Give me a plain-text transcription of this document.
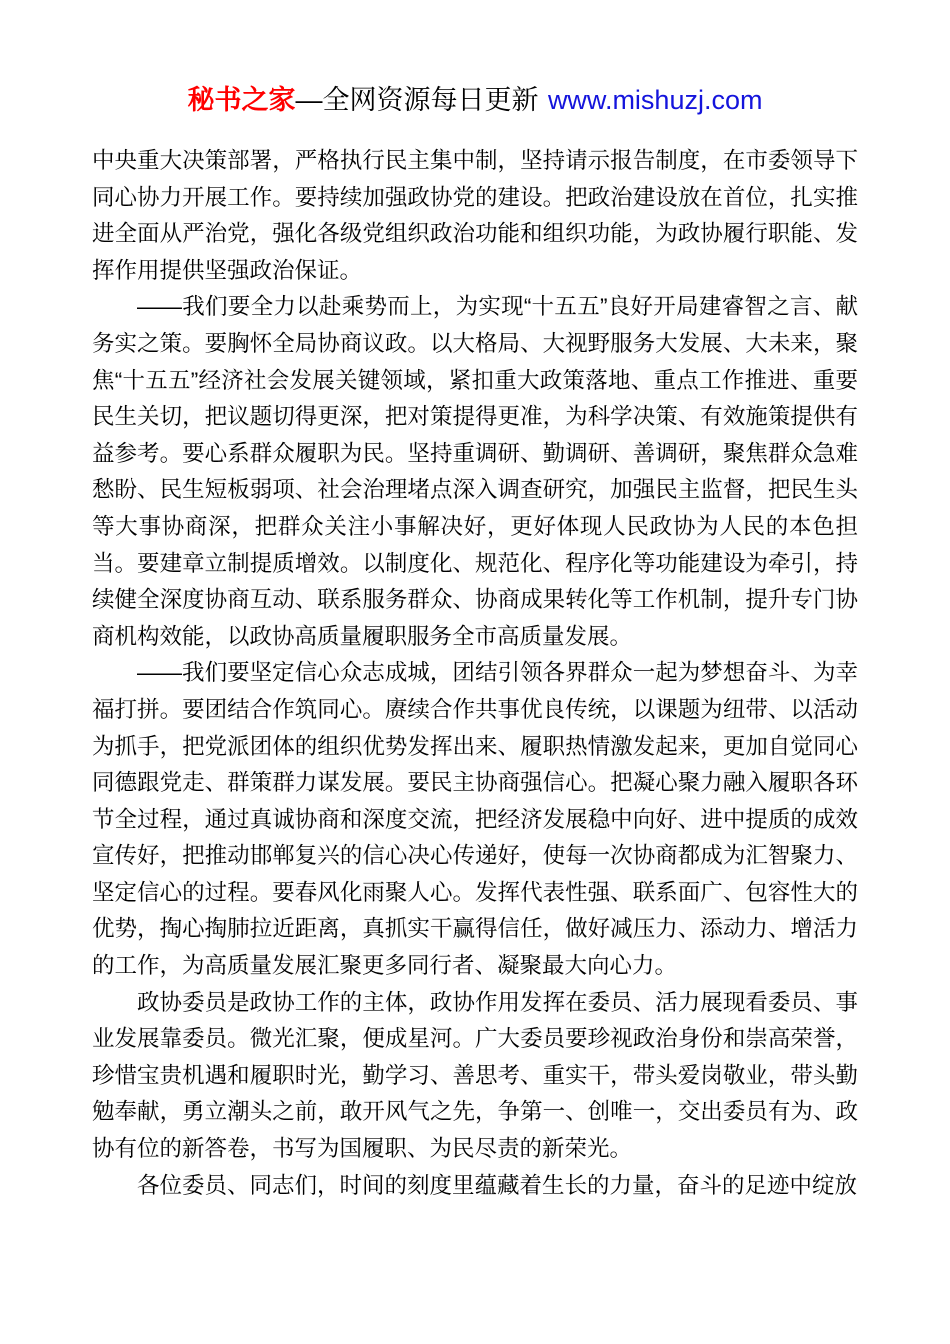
秘书之家—全网资源每日更新 www.mishuzj.com

中央重大决策部署，严格执行民主集中制，坚持请示报告制度，在市委领导下同心协力开展工作。要持续加强政协党的建设。把政治建设放在首位，扎实推进全面从严治党，强化各级党组织政治功能和组织功能，为政协履行职能、发挥作用提供坚强政治保证。

——我们要全力以赴乘势而上，为实现“十五五”良好开局建睿智之言、献务实之策。要胸怀全局协商议政。以大格局、大视野服务大发展、大未来，聚焦“十五五”经济社会发展关键领域，紧扣重大政策落地、重点工作推进、重要民生关切，把议题切得更深，把对策提得更准，为科学决策、有效施策提供有益参考。要心系群众履职为民。坚持重调研、勤调研、善调研，聚焦群众急难愁盼、民生短板弱项、社会治理堵点深入调查研究，加强民主监督，把民生头等大事协商深，把群众关注小事解决好，更好体现人民政协为人民的本色担当。要建章立制提质增效。以制度化、规范化、程序化等功能建设为牵引，持续健全深度协商互动、联系服务群众、协商成果转化等工作机制，提升专门协商机构效能，以政协高质量履职服务全市高质量发展。

——我们要坚定信心众志成城，团结引领各界群众一起为梦想奋斗、为幸福打拼。要团结合作筑同心。赓续合作共事优良传统，以课题为纽带、以活动为抓手，把党派团体的组织优势发挥出来、履职热情激发起来，更加自觉同心同德跟党走、群策群力谋发展。要民主协商强信心。把凝心聚力融入履职各环节全过程，通过真诚协商和深度交流，把经济发展稳中向好、进中提质的成效宣传好，把推动邯郸复兴的信心决心传递好，使每一次协商都成为汇智聚力、坚定信心的过程。要春风化雨聚人心。发挥代表性强、联系面广、包容性大的优势，掏心掏肺拉近距离，真抓实干赢得信任，做好减压力、添动力、增活力的工作，为高质量发展汇聚更多同行者、凝聚最大向心力。

政协委员是政协工作的主体，政协作用发挥在委员、活力展现看委员、事业发展靠委员。微光汇聚，便成星河。广大委员要珍视政治身份和崇高荣誉，珍惜宝贵机遇和履职时光，勤学习、善思考、重实干，带头爱岗敬业，带头勤勉奉献，勇立潮头之前，敢开风气之先，争第一、创唯一，交出委员有为、政协有位的新答卷，书写为国履职、为民尽责的新荣光。

各位委员、同志们，时间的刻度里蕴藏着生长的力量，奋斗的足迹中绽放
